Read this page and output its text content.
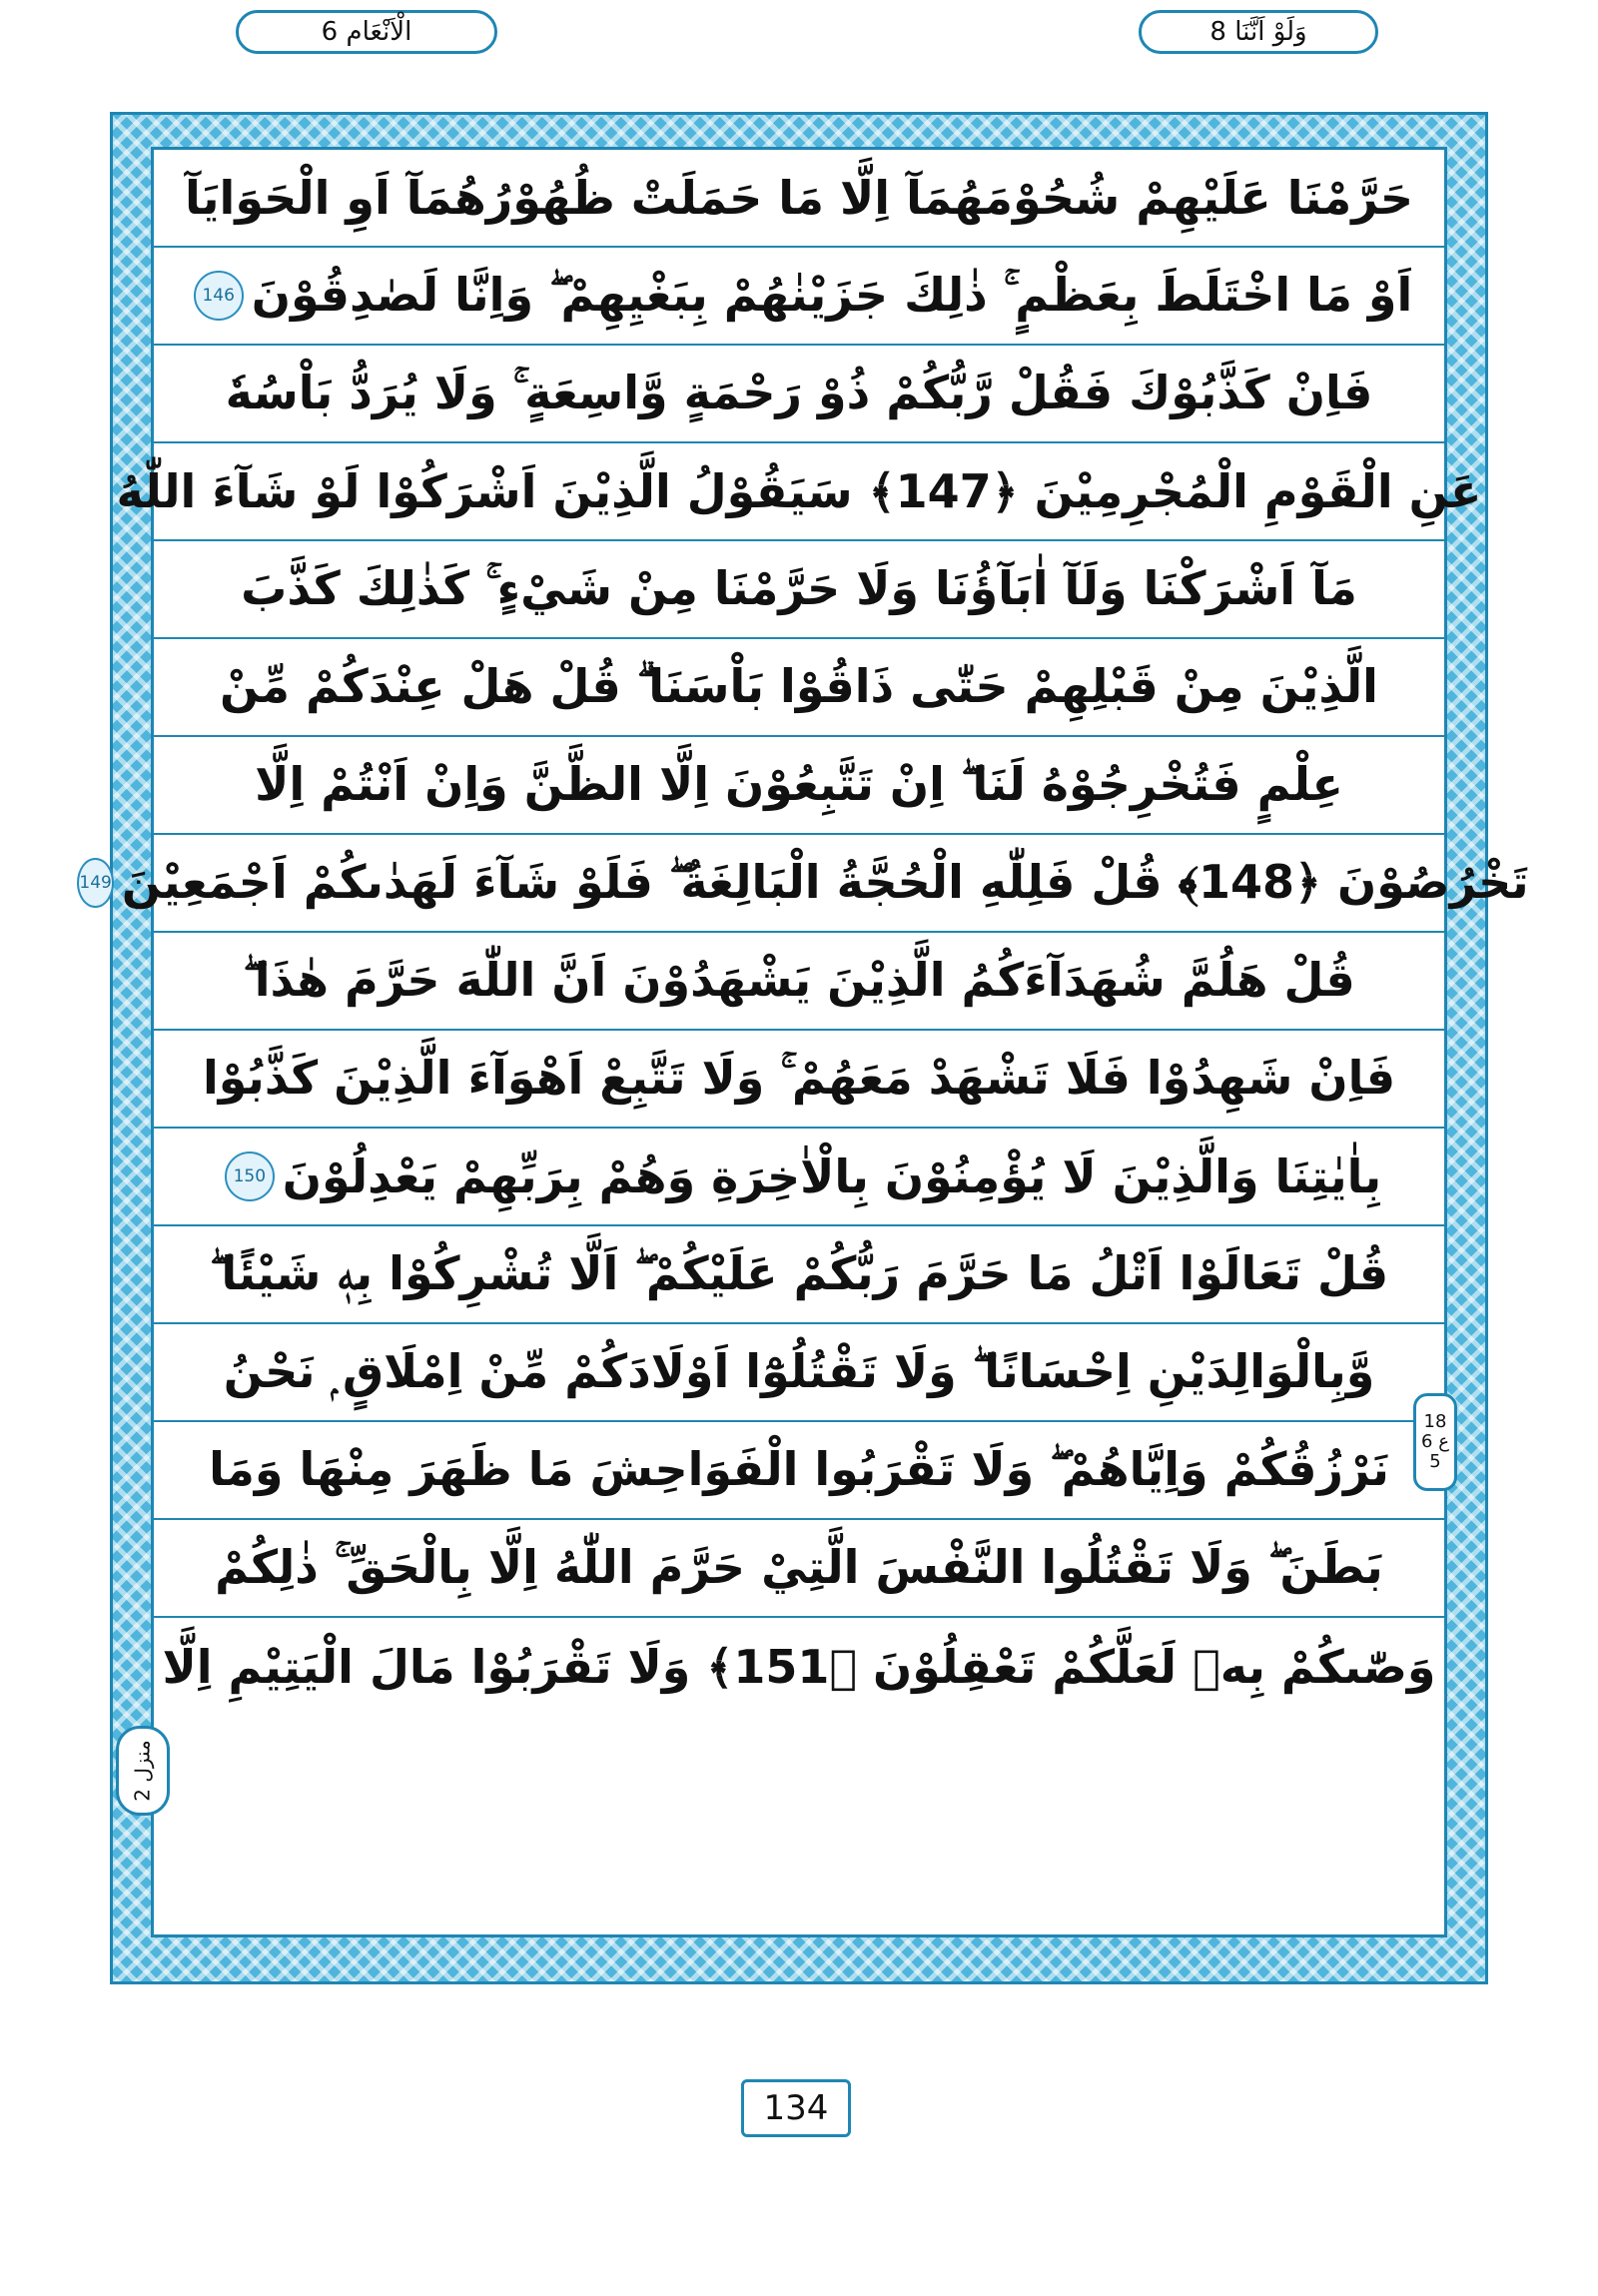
حَرَّمْنَا عَلَيْهِمْ شُحُوْمَهُمَآ اِلَّا مَا حَمَلَتْ ظُهُوْرُهُمَآ اَوِ الْحَوَايَآ
اَوْ مَا اخْتَلَطَ بِعَظْمٍ ۚ ذٰلِكَ جَزَيْنٰهُمْ بِبَغْيِهِمْ ۖ وَاِنَّا لَصٰدِقُوْنَ
146
فَاِنْ كَذَّبُوْكَ فَقُلْ رَّبُّكُمْ ذُوْ رَحْمَةٍ وَّاسِعَةٍ ۚ وَلَا يُرَدُّ بَاْسُهٗ
عَنِ الْقَوْمِ الْمُجْرِمِيْنَ ﴿147﴾ سَيَقُوْلُ الَّذِيْنَ اَشْرَكُوْا لَوْ شَآءَ اللّٰهُ
مَآ اَشْرَكْنَا وَلَآ اٰبَآؤُنَا وَلَا حَرَّمْنَا مِنْ شَيْءٍ ۚ كَذٰلِكَ كَذَّبَ
الَّذِيْنَ مِنْ قَبْلِهِمْ حَتّٰى ذَاقُوْا بَاْسَنَا ۗ قُلْ هَلْ عِنْدَكُمْ مِّنْ
عِلْمٍ فَتُخْرِجُوْهُ لَنَا ۖ اِنْ تَتَّبِعُوْنَ اِلَّا الظَّنَّ وَاِنْ اَنْتُمْ اِلَّا
تَخْرُصُوْنَ ﴿148﴾ قُلْ فَلِلّٰهِ الْحُجَّةُ الْبَالِغَةُ ۖ فَلَوْ شَآءَ لَهَدٰىكُمْ اَجْمَعِيْنَ
149
قُلْ هَلُمَّ شُهَدَآءَكُمُ الَّذِيْنَ يَشْهَدُوْنَ اَنَّ اللّٰهَ حَرَّمَ هٰذَا ۖ
فَاِنْ شَهِدُوْا فَلَا تَشْهَدْ مَعَهُمْ ۚ وَلَا تَتَّبِعْ اَهْوَآءَ الَّذِيْنَ كَذَّبُوْا
بِاٰيٰتِنَا وَالَّذِيْنَ لَا يُؤْمِنُوْنَ بِالْاٰخِرَةِ وَهُمْ بِرَبِّهِمْ يَعْدِلُوْنَ
150
قُلْ تَعَالَوْا اَتْلُ مَا حَرَّمَ رَبُّكُمْ عَلَيْكُمْ ۖ اَلَّا تُشْرِكُوْا بِهٖ شَيْئًا ۖ
وَّبِالْوَالِدَيْنِ اِحْسَانًا ۖ وَلَا تَقْتُلُوْٓا اَوْلَادَكُمْ مِّنْ اِمْلَاقٍ ۭ نَحْنُ
نَرْزُقُكُمْ وَاِيَّاهُمْ ۖ وَلَا تَقْرَبُوا الْفَوَاحِشَ مَا ظَهَرَ مِنْهَا وَمَا
بَطَنَ ۖ وَلَا تَقْتُلُوا النَّفْسَ الَّتِيْ حَرَّمَ اللّٰهُ اِلَّا بِالْحَقِّ ۚ ذٰلِكُمْ
وَصّٰىكُمْ بِهٖ لَعَلَّكُمْ تَعْقِلُوْنَ ﴿151﴾ وَلَا تَقْرَبُوْا مَالَ الْيَتِيْمِ اِلَّا
الْاَنْعَام 6	وَلَوْ اَنَّنَا 8
18
ع 6
5
منزل 2
134
